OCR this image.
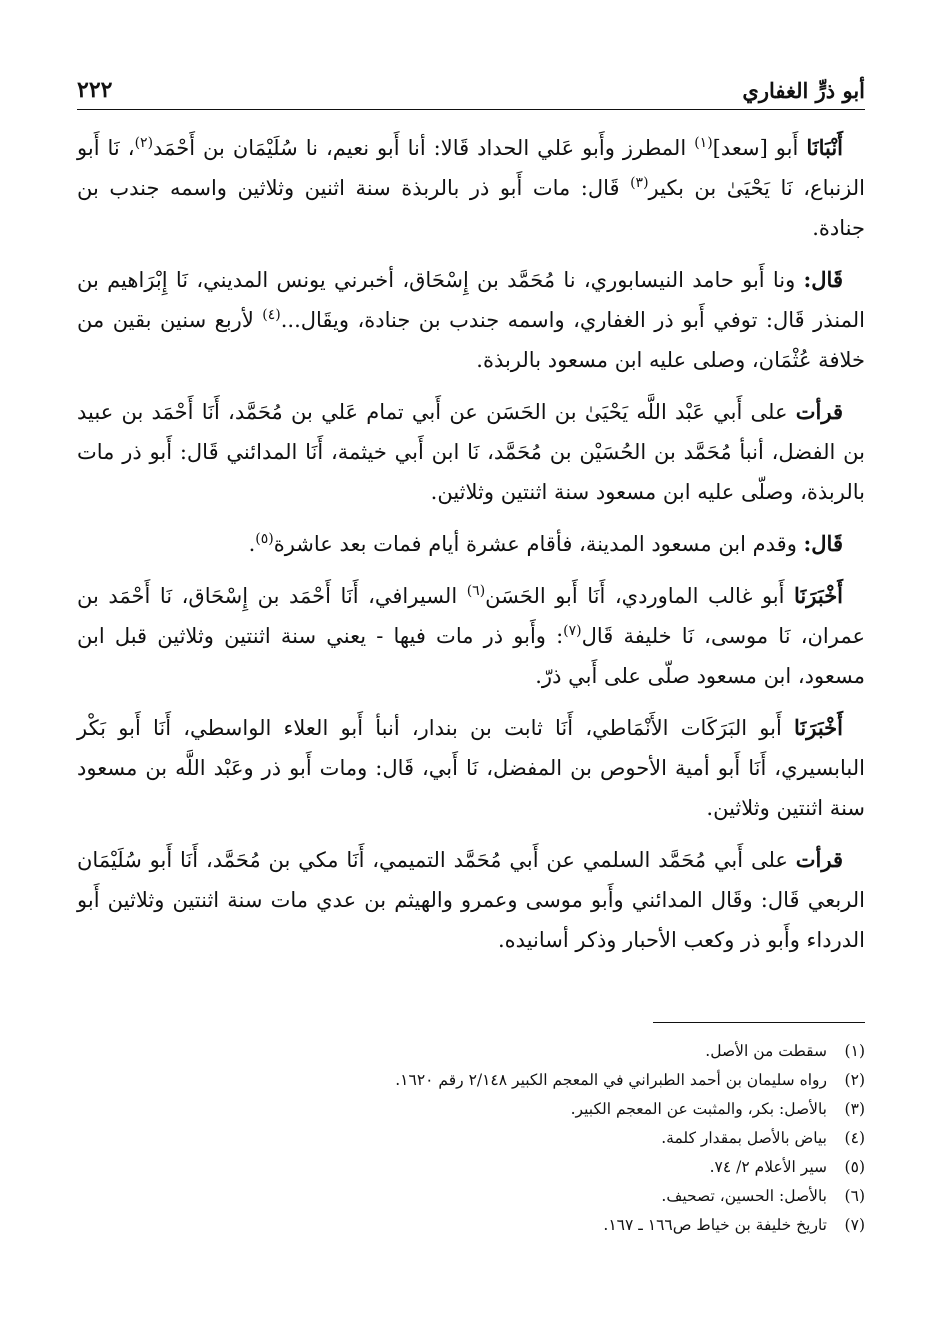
أبو ذرٍّ الغفاري
٢٢٢

أَنْبَانَا أَبو [سعد]$^{(١)}$ المطرز وأَبو عَلي الحداد قَالا: أنا أَبو نعيم، نا سُلَيْمَان بن أَحْمَد$^{(٢)}$، نَا أَبو الزنباع، نَا يَحْيَىٰ بن بكير$^{(٣)}$ قَال: مات أَبو ذر بالربذة سنة اثنين وثلاثين واسمه جندب بن جنادة.

قَال: ونا أَبو حامد النيسابوري، نا مُحَمَّد بن إِسْحَاق، أخبرني يونس المديني، نَا إِبْرَاهيم بن المنذر قَال: توفي أَبو ذر الغفاري، واسمه جندب بن جنادة، ويقَال...$^{(٤)}$ لأربع سنين بقين من خلافة عُثْمَان، وصلى عليه ابن مسعود بالربذة.

قرأت على أَبي عَبْد اللَّه يَحْيَىٰ بن الحَسَن عن أَبي تمام عَلي بن مُحَمَّد، أَنَا أَحْمَد بن عبيد بن الفضل، أنبأ مُحَمَّد بن الحُسَيْن بن مُحَمَّد، نَا ابن أَبي خيثمة، أَنَا المدائني قَال: أَبو ذر مات بالربذة، وصلّى عليه ابن مسعود سنة اثنتين وثلاثين.

قَال: وقدم ابن مسعود المدينة، فأقام عشرة أيام فمات بعد عاشرة$^{(٥)}$.

أَخْبَرَنَا أَبو غالب الماوردي، أَنَا أَبو الحَسَن$^{(٦)}$ السيرافي، أَنَا أَحْمَد بن إِسْحَاق، نَا أَحْمَد بن عمران، نَا موسى، نَا خليفة قَال$^{(٧)}$: وأَبو ذر مات فيها - يعني سنة اثنتين وثلاثين قبل ابن مسعود، ابن مسعود صلّى على أَبي ذرّ.

أَخْبَرَنَا أَبو البَرَكَات الأَنْمَاطي، أَنَا ثابت بن بندار، أنبأ أَبو العلاء الواسطي، أَنَا أَبو بَكْر البابسيري، أَنَا أَبو أمية الأحوص بن المفضل، نَا أَبي، قَال: ومات أَبو ذر وعَبْد اللَّه بن مسعود سنة اثنتين وثلاثين.

قرأت على أَبي مُحَمَّد السلمي عن أَبي مُحَمَّد التميمي، أَنَا مكي بن مُحَمَّد، أَنَا أَبو سُلَيْمَان الربعي قَال: وقَال المدائني وأَبو موسى وعمرو والهيثم بن عدي مات سنة اثنتين وثلاثين أَبو الدرداء وأَبو ذر وكعب الأحبار وذكر أسانيده.

(١)
سقطت من الأصل.
(٢)
رواه سليمان بن أحمد الطبراني في المعجم الكبير ٢/١٤٨ رقم ١٦٢٠.
(٣)
بالأصل: بكر، والمثبت عن المعجم الكبير.
(٤)
بياض بالأصل بمقدار كلمة.
(٥)
سير الأعلام ٢/ ٧٤.
(٦)
بالأصل: الحسين، تصحيف.
(٧)
تاريخ خليفة بن خياط ص١٦٦ ـ ١٦٧.
